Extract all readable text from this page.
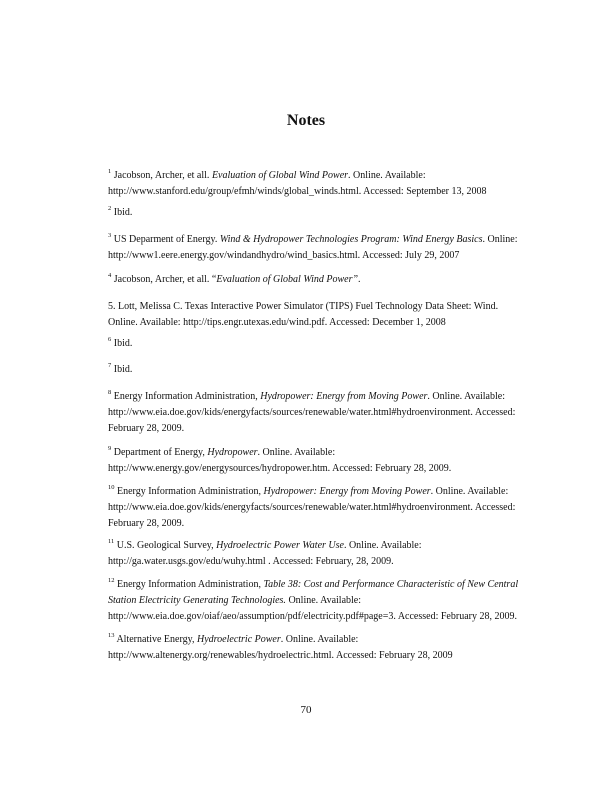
Notes
$^1$ Jacobson, Archer, et all. Evaluation of Global Wind Power. Online. Available: http://www.stanford.edu/group/efmh/winds/global_winds.html. Accessed: September 13, 2008
$^2$ Ibid.
$^3$ US Deparment of Energy. Wind & Hydropower Technologies Program: Wind Energy Basics. Online: http://www1.eere.energy.gov/windandhydro/wind_basics.html. Accessed: July 29, 2007
$^4$ Jacobson, Archer, et all. “Evaluation of Global Wind Power”.
5. Lott, Melissa C. Texas Interactive Power Simulator (TIPS) Fuel Technology Data Sheet: Wind. Online. Available: http://tips.engr.utexas.edu/wind.pdf. Accessed: December 1, 2008
$^6$ Ibid.
$^7$ Ibid.
$^8$ Energy Information Administration, Hydropower: Energy from Moving Power. Online. Available: http://www.eia.doe.gov/kids/energyfacts/sources/renewable/water.html#hydroenvironment. Accessed: February 28, 2009.
$^9$ Department of Energy, Hydropower. Online. Available: http://www.energy.gov/energysources/hydropower.htm. Accessed: February 28, 2009.
$^{10}$ Energy Information Administration, Hydropower: Energy from Moving Power. Online. Available: http://www.eia.doe.gov/kids/energyfacts/sources/renewable/water.html#hydroenvironment. Accessed: February 28, 2009.
$^{11}$ U.S. Geological Survey, Hydroelectric Power Water Use. Online. Available: http://ga.water.usgs.gov/edu/wuhy.html . Accessed: February, 28, 2009.
$^{12}$ Energy Information Administration, Table 38: Cost and Performance Characteristic of New Central Station Electricity Generating Technologies. Online. Available: http://www.eia.doe.gov/oiaf/aeo/assumption/pdf/electricity.pdf#page=3. Accessed: February 28, 2009.
$^{13}$ Alternative Energy, Hydroelectric Power. Online. Available: http://www.altenergy.org/renewables/hydroelectric.html. Accessed: February 28, 2009
70
